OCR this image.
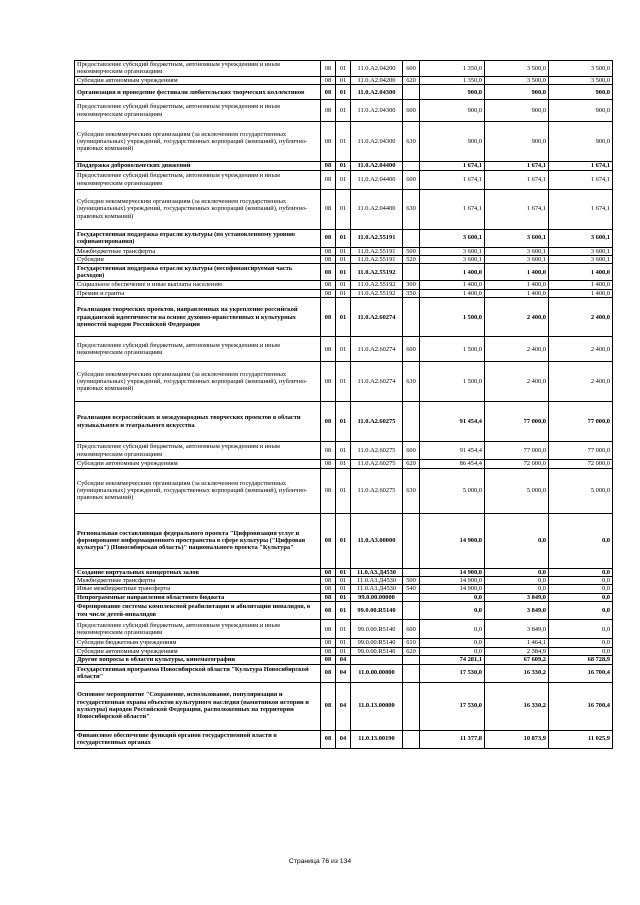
Предоставление субсидий бюджетным, автономным учреждениям и иным некоммерческим организациям	08	01	11.0.A2.04200	600	1 350,0	3 500,0	3 500,0
Субсидии автономным учреждениям	08	01	11.0.A2.04200	620	1 350,0	3 500,0	3 500,0
Организация и проведение фестивали любительских творческих коллективов	08	01	11.0.A2.04300		900,0	900,0	900,0
Предоставление субсидий бюджетным, автономным учреждениям и иным некоммерческим организациям	08	01	11.0.A2.04300	600	900,0	900,0	900,0
Субсидии некоммерческим организациям (за исключением государственных (муниципальных) учреждений, государственных корпораций (компаний), публично-правовых компаний)	08	01	11.0.A2.04300	630	900,0	900,0	900,0
Поддержка добровольческих движений	08	01	11.0.A2.04400		1 674,1	1 674,1	1 674,1
Предоставление субсидий бюджетным, автономным учреждениям и иным некоммерческим организациям	08	01	11.0.A2.04400	600	1 674,1	1 674,1	1 674,1
Субсидии некоммерческим организациям (за исключением государственных (муниципальных) учреждений, государственных корпораций (компаний), публично-правовых компаний)	08	01	11.0.A2.04400	630	1 674,1	1 674,1	1 674,1
Государственная поддержка отрасли культуры (по установленному уровню софинансирования)	08	01	11.0.A2.55191		3 600,1	3 600,1	3 600,1
Межбюджетные трансферты	08	01	11.0.A2.55191	500	3 600,1	3 600,1	3 600,1
Субсидии	08	01	11.0.A2.55191	520	3 600,1	3 600,1	3 600,1
Государственная поддержка отрасли культуры (несофинансируемая часть расходов)	08	01	11.0.A2.55192		1 400,0	1 400,0	1 400,0
Социальное обеспечение и иные выплаты населению	08	01	11.0.A2.55192	300	1 400,0	1 400,0	1 400,0
Премии и гранты	08	01	11.0.A2.55192	350	1 400,0	1 400,0	1 400,0
Реализация творческих проектов, направленных на укрепление российской гражданской идентичности на основе духовно-нравственных и культурных ценностей народов Российской Федерации	08	01	11.0.A2.60274		1 500,0	2 400,0	2 400,0
Предоставление субсидий бюджетным, автономным учреждениям и иным некоммерческим организациям	08	01	11.0.A2.60274	600	1 500,0	2 400,0	2 400,0
Субсидии некоммерческим организациям (за исключением государственных (муниципальных) учреждений, государственных корпораций (компаний), публично-правовых компаний)	08	01	11.0.A2.60274	630	1 500,0	2 400,0	2 400,0
Реализация всероссийских и международных творческих проектов в области музыкального и театрального искусства	08	01	11.0.A2.60275		91 454,4	77 000,0	77 000,0
Предоставление субсидий бюджетным, автономным учреждениям и иным некоммерческим организациям	08	01	11.0.A2.60275	600	91 454,4	77 000,0	77 000,0
Субсидии автономным учреждениям	08	01	11.0.A2.60275	620	86 454,4	72 000,0	72 000,0
Субсидии некоммерческим организациям (за исключением государственных (муниципальных) учреждений, государственных корпораций (компаний), публично-правовых компаний)	08	01	11.0.A2.60275	630	5 000,0	5 000,0	5 000,0
Региональная составляющая федерального проекта "Цифровизация услуг и формирование информационного пространства в сфере культуры ("Цифровая культура") (Новосибирская область)" национального проекта "Культура"	08	01	11.0.A3.00000		14 900,0	0,0	0,0
Создание виртуальных концертных залов	08	01	11.0.A3.Д4530		14 900,0	0,0	0,0
Межбюджетные трансферты	08	01	11.0.A3.Д4530	500	14 900,0	0,0	0,0
Иные межбюджетные трансферты	08	01	11.0.A3.Д4530	540	14 900,0	0,0	0,0
Непрограммные направления областного бюджета	08	01	99.0.00.00000		0,0	3 849,0	0,0
Формирование системы комплексной реабилитации и абилитации инвалидов, в том числе детей-инвалидов	08	01	99.0.00.R5140		0,0	3 849,0	0,0
Предоставление субсидий бюджетным, автономным учреждениям и иным некоммерческим организациям	08	01	99.0.00.R5140	600	0,0	3 849,0	0,0
Субсидии бюджетным учреждениям	08	01	99.0.00.R5140	610	0,0	1 464,1	0,0
Субсидии автономным учреждениям	08	01	99.0.00.R5140	620	0,0	2 384,9	0,0
Другие вопросы в области культуры, кинематографии	08	04			74 281,1	67 609,2	68 728,9
Государственная программа Новосибирской области "Культура Новосибирской области"	08	04	11.0.00.00000		17 530,0	16 330,2	16 700,4
Основное мероприятие "Сохранение, использование, популяризация и государственная охрана объектов культурного наследия (памятников истории и культуры) народов Российской Федерации, расположенных на территории Новосибирской области"	08	04	11.0.13.00000		17 530,0	16 330,2	16 700,4
Финансовое обеспечение функций органов государственной власти в государственных органах	08	04	11.0.13.00190		11 377,8	10 873,9	11 025,9
Страница 76 из 134
